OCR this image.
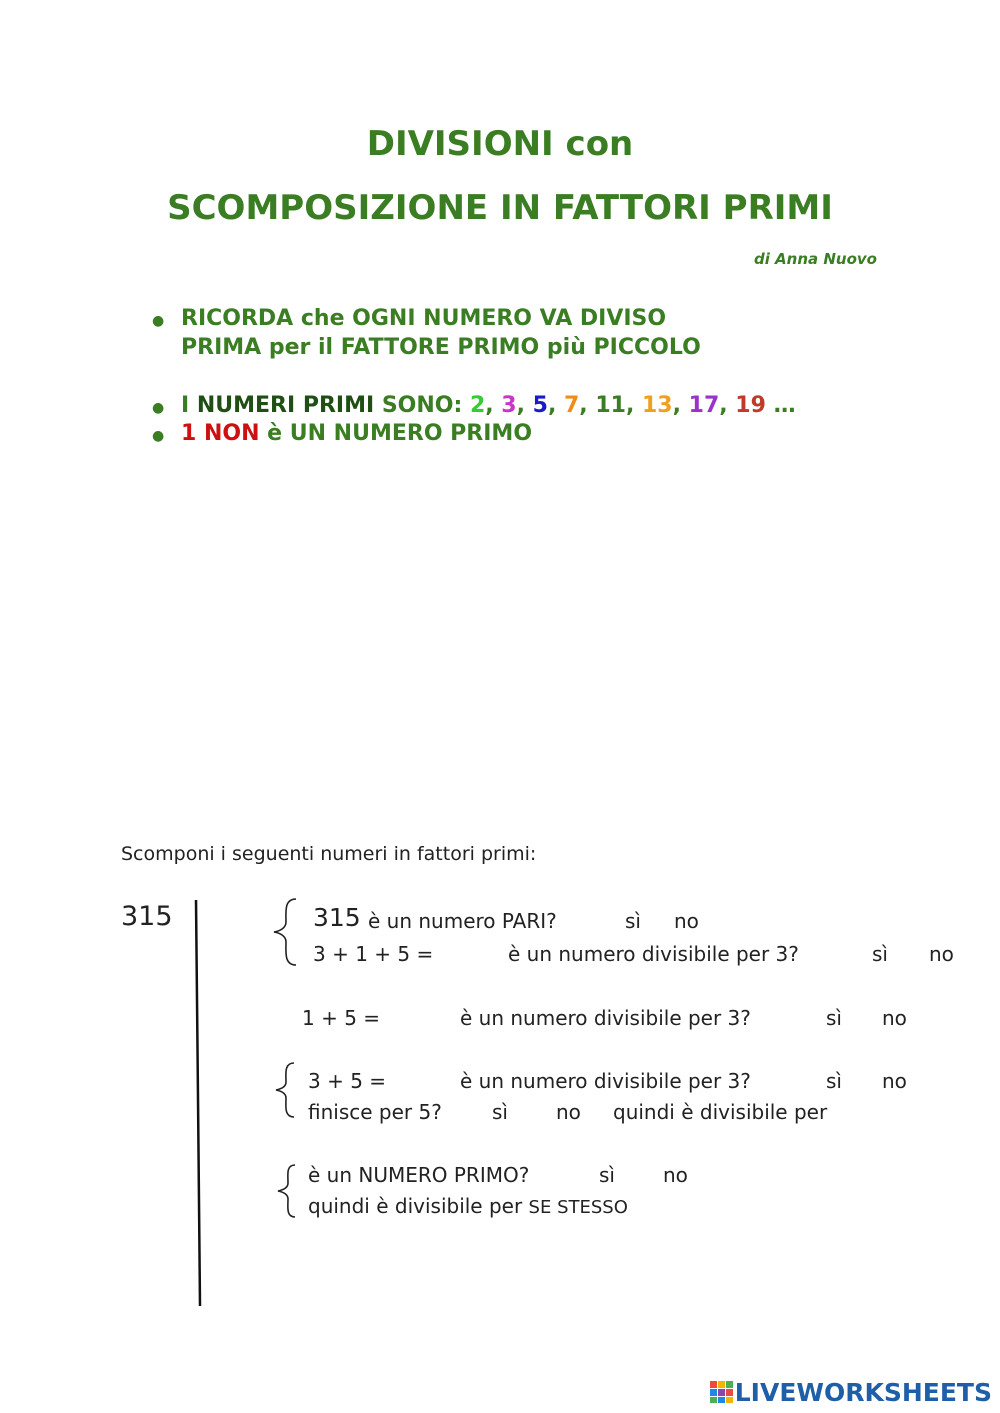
DIVISIONI con
SCOMPOSIZIONE IN FATTORI PRIMI
di Anna Nuovo
● RICORDA che OGNI NUMERO VA DIVISO
PRIMA per il FATTORE PRIMO più PICCOLO
● I NUMERI PRIMI SONO: 2, 3, 5, 7, 11, 13, 17, 19 …
● 1 NON è UN NUMERO PRIMO
Scomponi i seguenti numeri in fattori primi:
315	315 è un numero PARI?	sì no
3 + 1 + 5 =	è un numero divisibile per 3?	sì no
1 + 5 =	è un numero divisibile per 3?	sì no
3 + 5 =	è un numero divisibile per 3?	sì no
finisce per 5?	sì no quindi è divisibile per
è un NUMERO PRIMO?	sì no
quindi è divisibile per SE STESSO
LIVEWORKSHEETS
